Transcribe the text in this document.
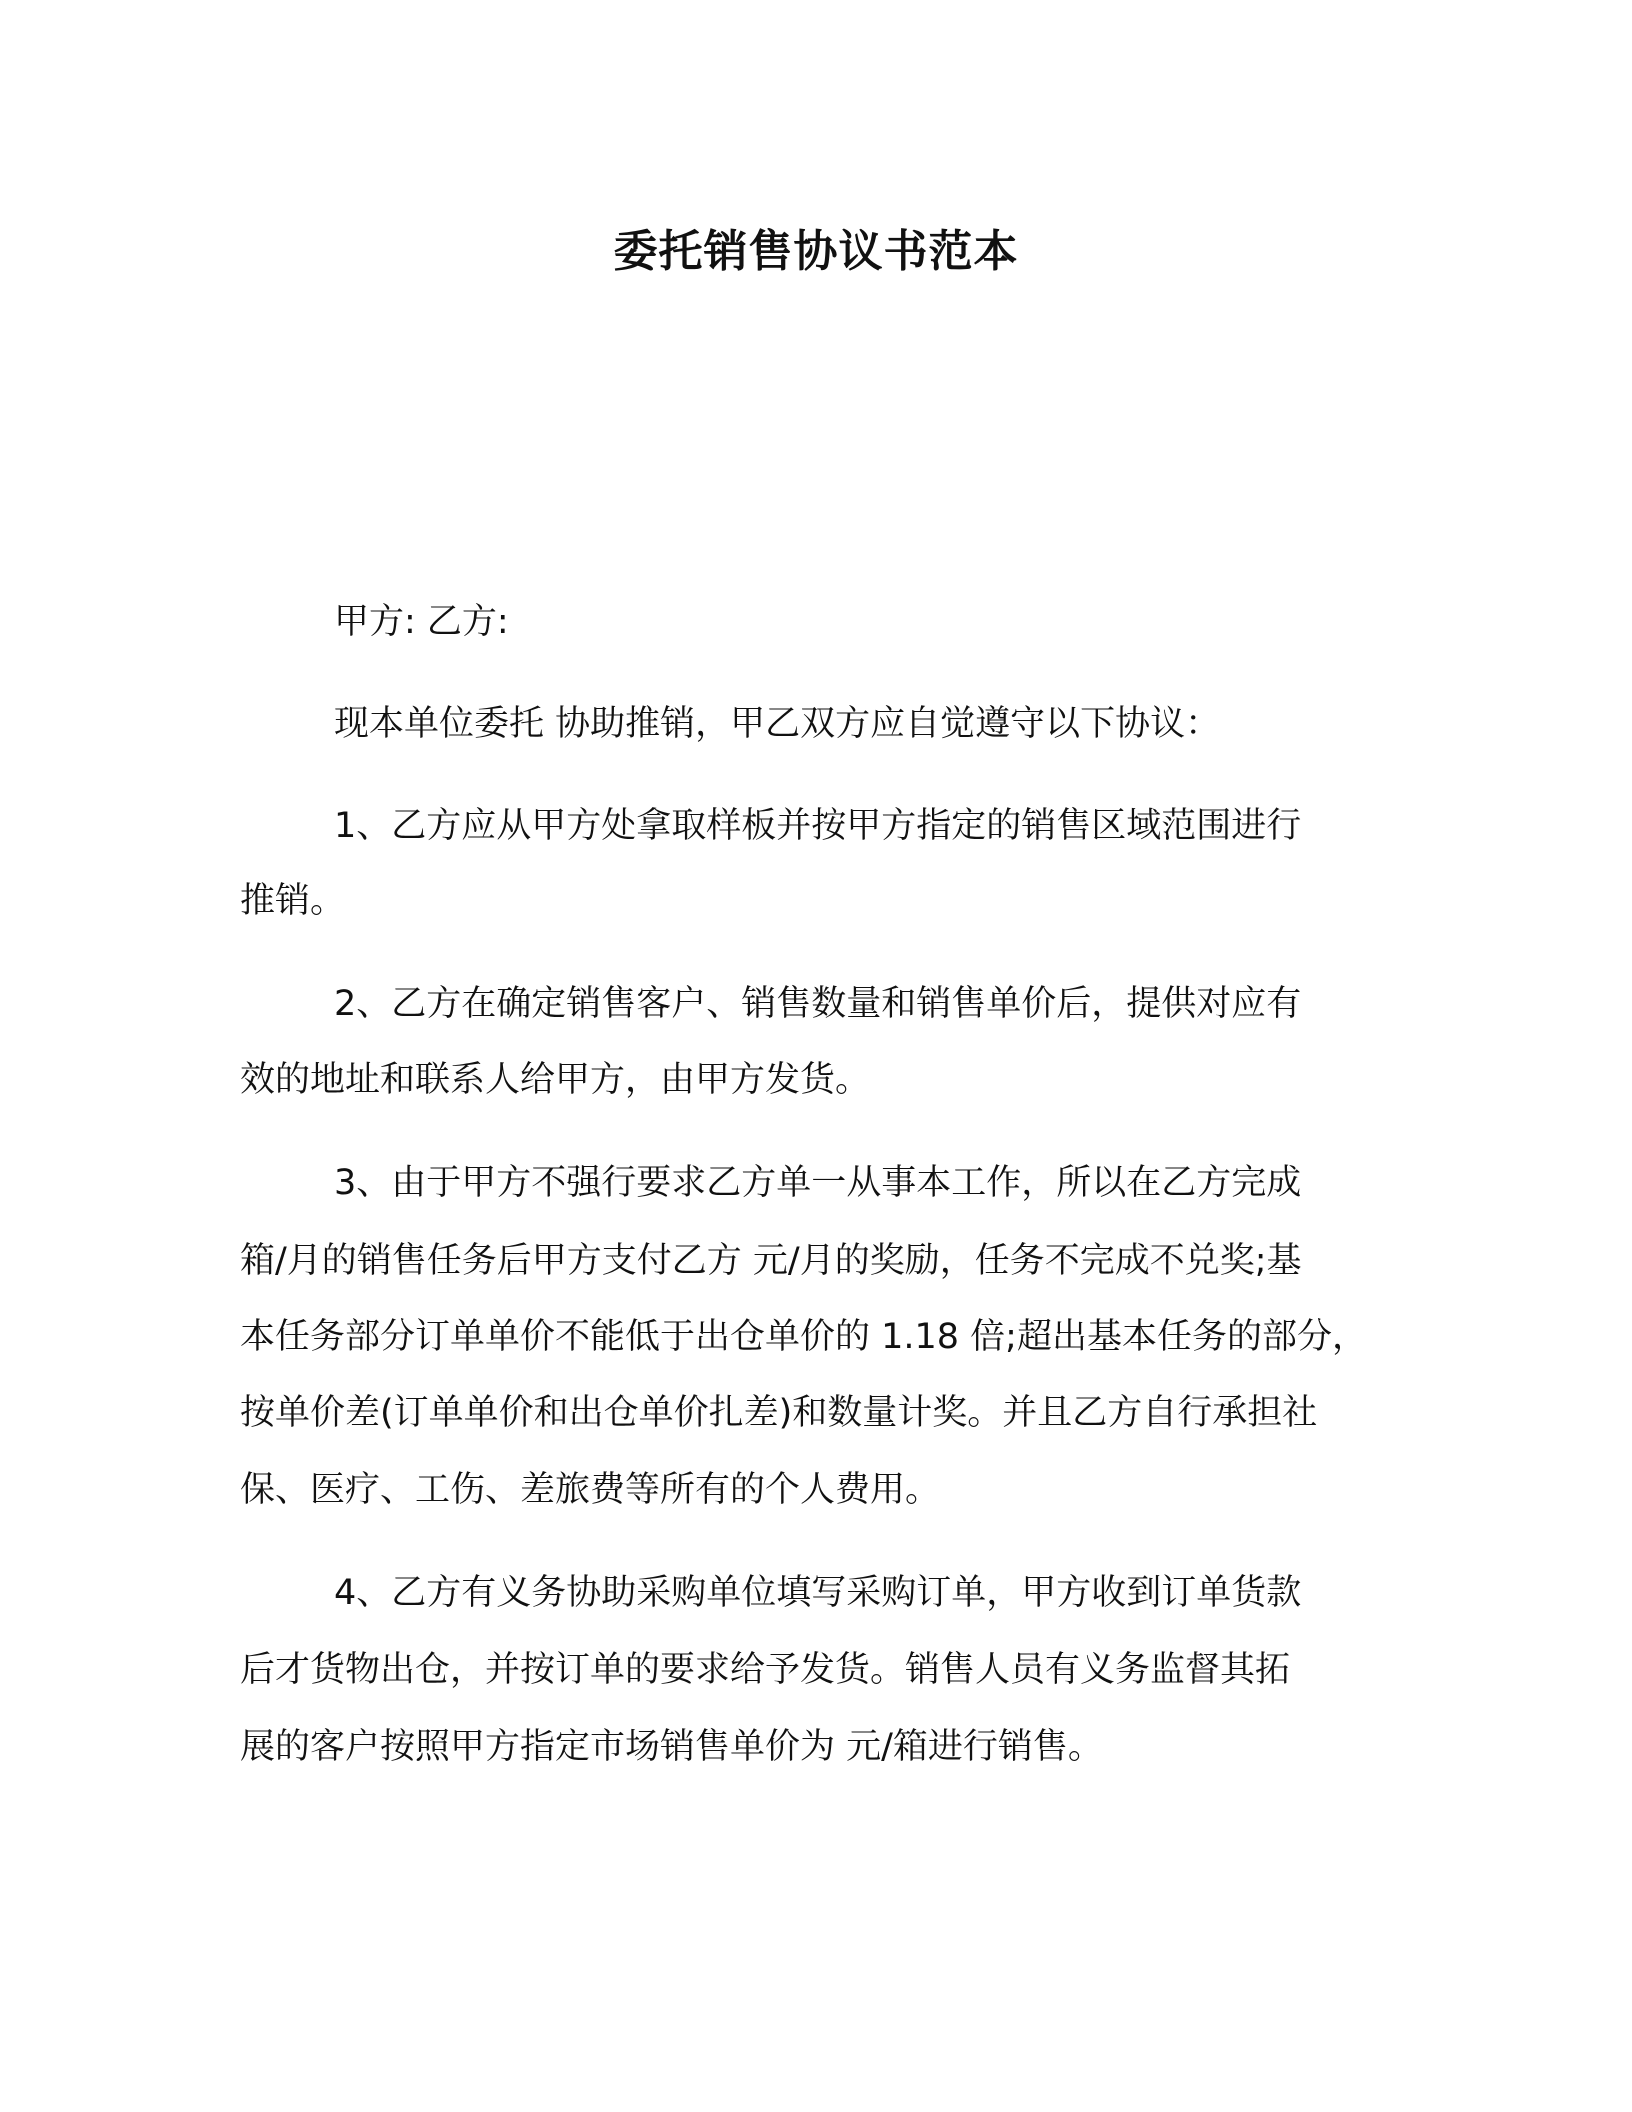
委托销售协议书范本
甲方: 乙方:
现本单位委托 协助推销，甲乙双方应自觉遵守以下协议：
1、乙方应从甲方处拿取样板并按甲方指定的销售区域范围进行
推销。
2、乙方在确定销售客户、销售数量和销售单价后，提供对应有
效的地址和联系人给甲方，由甲方发货。
3、由于甲方不强行要求乙方单一从事本工作，所以在乙方完成
箱/月的销售任务后甲方支付乙方 元/月的奖励，任务不完成不兑奖;基
本任务部分订单单价不能低于出仓单价的 1.18 倍;超出基本任务的部分，
按单价差(订单单价和出仓单价扎差)和数量计奖。并且乙方自行承担社
保、医疗、工伤、差旅费等所有的个人费用。
4、乙方有义务协助采购单位填写采购订单，甲方收到订单货款
后才货物出仓，并按订单的要求给予发货。销售人员有义务监督其拓
展的客户按照甲方指定市场销售单价为 元/箱进行销售。
